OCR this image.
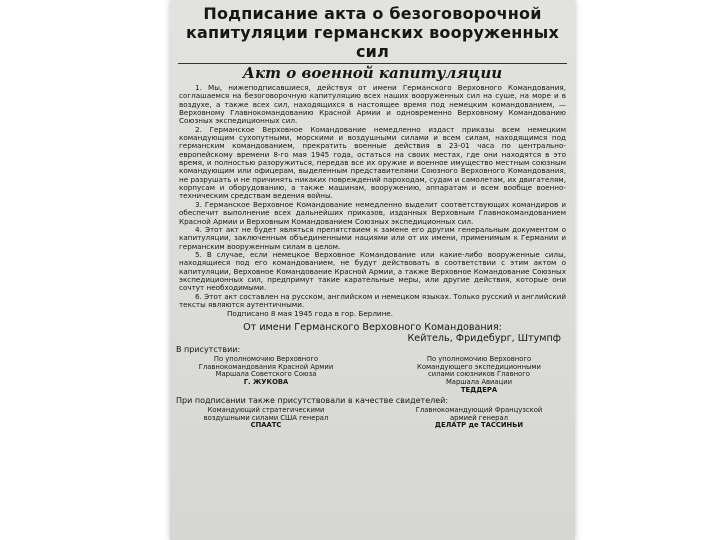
Подписание акта о безоговорочной капитуляции германских вооруженных сил
Акт о военной капитуляции

1. Мы, нижеподписавшиеся, действуя от имени Германского Верховного Командования, соглашаемся на безоговорочную капитуляцию всех наших вооруженных сил на суше, на море и в воздухе, а также всех сил, находящихся в настоящее время под немецким командованием, — Верховному Главнокомандованию Красной Армии и одновременно Верховному Командованию Союзных экспедиционных сил.

2. Германское Верховное Командование немедленно издаст приказы всем немецким командующим сухопутными, морскими и воздушными силами и всем силам, находящимся под германским командованием, прекратить военные действия в 23-01 часа по центрально-европейскому времени 8-го мая 1945 года, остаться на своих местах, где они находятся в это время, и полностью разоружиться, передав все их оружие и военное имущество местным союзным командующим или офицерам, выделенным представителями Союзного Верховного Командования, не разрушать и не причинять никаких повреждений пароходам, судам и самолетам, их двигателям, корпусам и оборудованию, а также машинам, вооружению, аппаратам и всем вообще военно-техническим средствам ведения войны.

3. Германское Верховное Командование немедленно выделит соответствующих командиров и обеспечит выполнение всех дальнейших приказов, изданных Верховным Главнокомандованием Красной Армии и Верховным Командованием Союзных экспедиционных сил.

4. Этот акт не будет являться препятствием к замене его другим генеральным документом о капитуляции, заключенным объединенными нациями или от их имени, применимым к Германии и германским вооруженным силам в целом.

5. В случае, если немецкое Верховное Командование или какие-либо вооруженные силы, находящиеся под его командованием, не будут действовать в соответствии с этим актом о капитуляции, Верховное Командование Красной Армии, а также Верховное Командование Союзных экспедиционных сил, предпримут такие карательные меры, или другие действия, которые они сочтут необходимыми.

6. Этот акт составлен на русском, английском и немецком языках. Только русский и английский тексты являются аутентичными.

Подписано 8 мая 1945 года в гор. Берлине.
От имени Германского Верховного Командования:
Кейтель, Фридебург, Штумпф
В присутствии:
По уполномочию Верховного
Главнокомандования Красной Армии
Маршала Советского Союза
Г. ЖУКОВА
По уполномочию Верховного
Командующего экспедиционными
силами союзников Главного
Маршала Авиации
ТЕДДЕРА
При подписании также присутствовали в качестве свидетелей:
Командующий стратегическими
воздушными силами США генерал
СПААТС
Главнокомандующий Французской
армией генерал
ДЕЛАТР де ТАССИНЬИ
